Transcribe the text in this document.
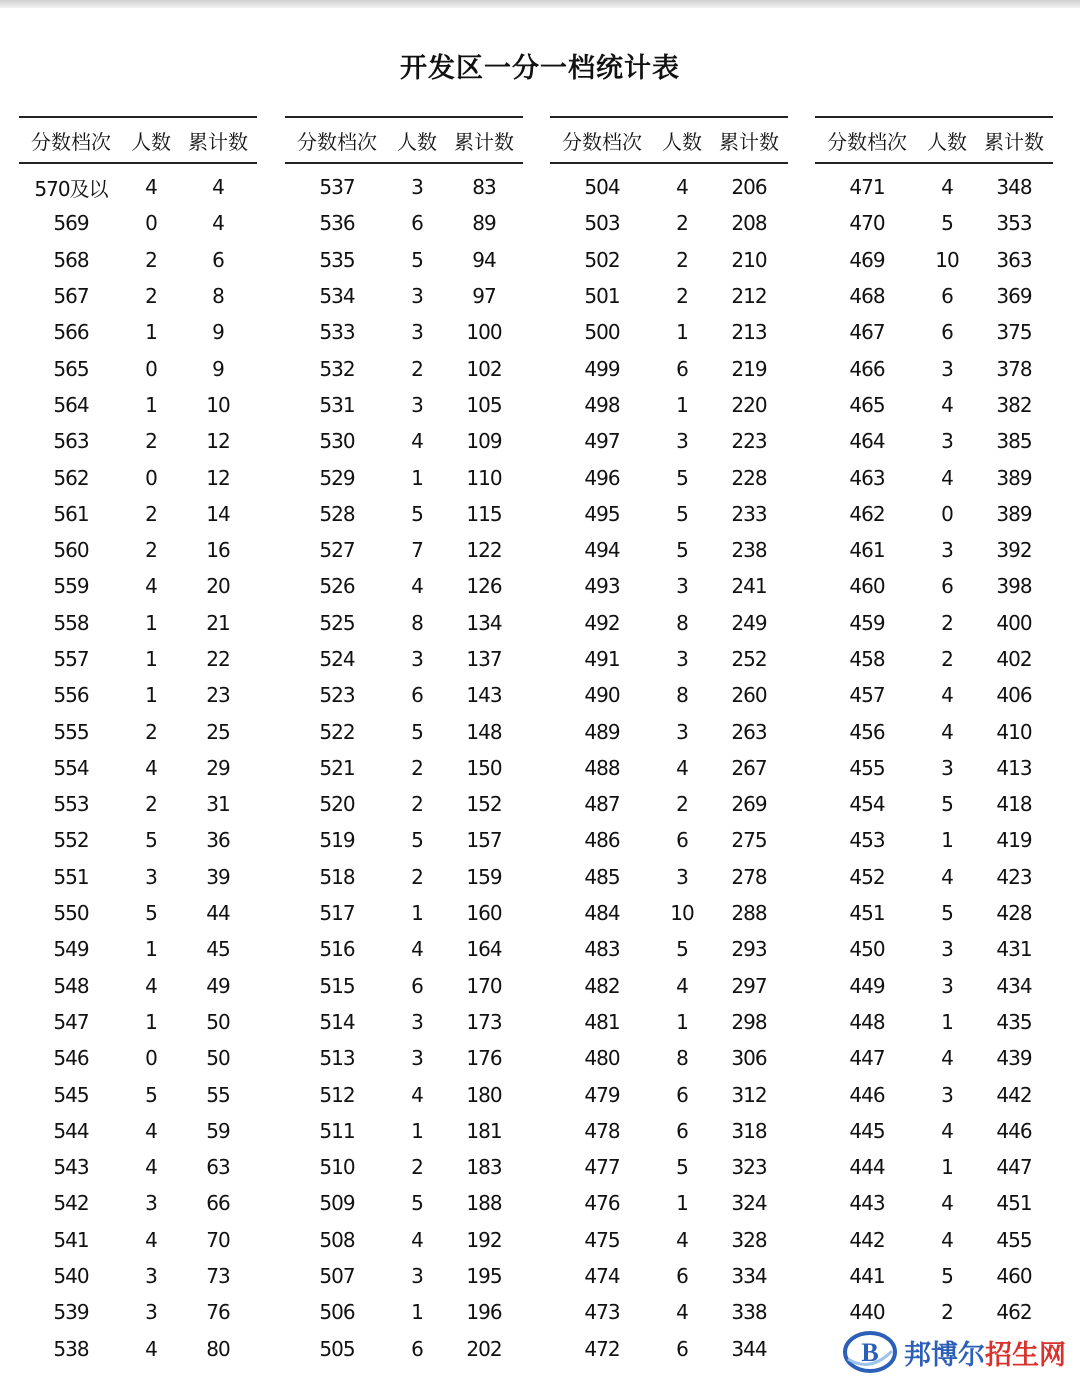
开发区一分一档统计表
分数档次	人数 累计数
570及以	4	4
569	0	4
568	2	6
567	2	8
566	1	9
565	0	9
564	1	10
563	2	12
562	0	12
561	2	14
560	2	16
559	4	20
558	1	21
557	1	22
556	1	23
555	2	25
554	4	29
553	2	31
552	5	36
551	3	39
550	5	44
549	1	45
548	4	49
547	1	50
546	0	50
545	5	55
544	4	59
543	4	63
542	3	66
541	4	70
540	3	73
539	3	76
538	4	80
分数档次	人数 累计数
537	3	83
536	6	89
535	5	94
534	3	97
533	3	100
532	2	102
531	3	105
530	4	109
529	1	110
528	5	115
527	7	122
526	4	126
525	8	134
524	3	137
523	6	143
522	5	148
521	2	150
520	2	152
519	5	157
518	2	159
517	1	160
516	4	164
515	6	170
514	3	173
513	3	176
512	4	180
511	1	181
510	2	183
509	5	188
508	4	192
507	3	195
506	1	196
505	6	202
分数档次	人数 累计数
504	4	206
503	2	208
502	2	210
501	2	212
500	1	213
499	6	219
498	1	220
497	3	223
496	5	228
495	5	233
494	5	238
493	3	241
492	8	249
491	3	252
490	8	260
489	3	263
488	4	267
487	2	269
486	6	275
485	3	278
484	10	288
483	5	293
482	4	297
481	1	298
480	8	306
479	6	312
478	6	318
477	5	323
476	1	324
475	4	328
474	6	334
473	4	338
472	6	344
分数档次	人数 累计数
471	4	348
470	5	353
469	10	363
468	6	369
467	6	375
466	3	378
465	4	382
464	3	385
463	4	389
462	0	389
461	3	392
460	6	398
459	2	400
458	2	402
457	4	406
456	4	410
455	3	413
454	5	418
453	1	419
452	4	423
451	5	428
450	3	431
449	3	434
448	1	435
447	4	439
446	3	442
445	4	446
444	1	447
443	4	451
442	4	455
441	5	460
440	2	462
B 邦博尔招生网
